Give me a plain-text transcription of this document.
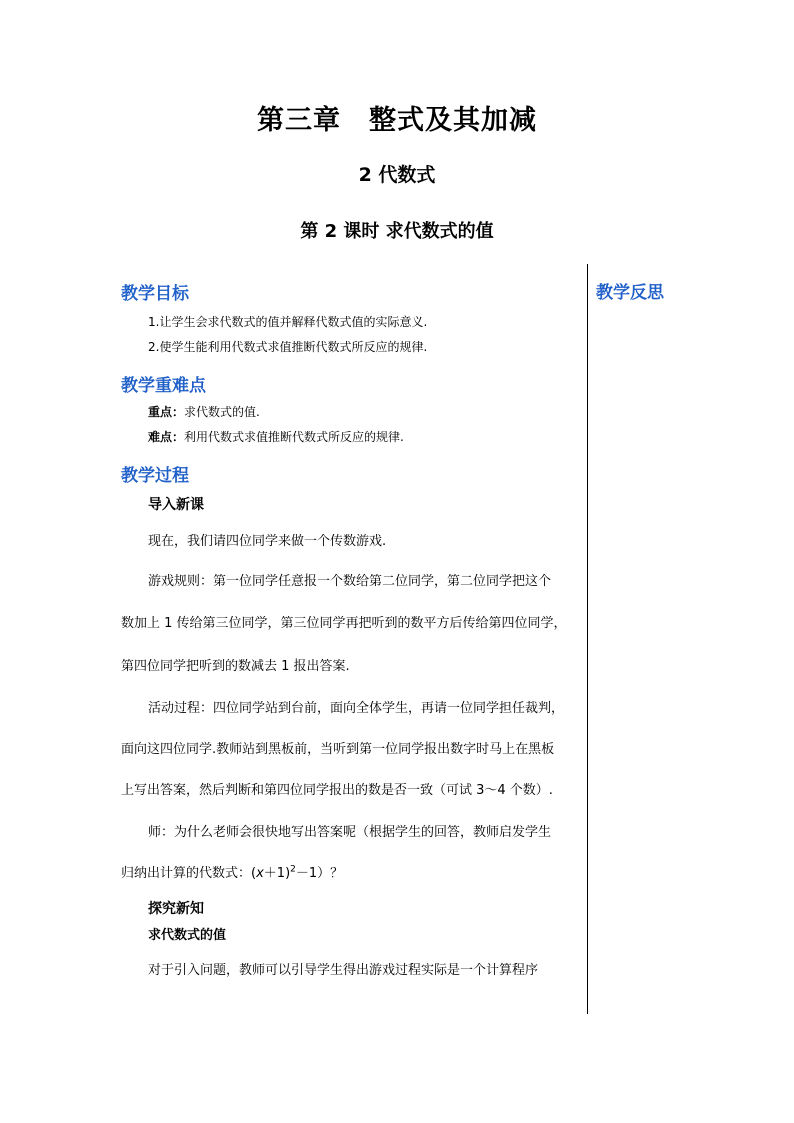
第三章　整式及其加减
2 代数式
第 2 课时 求代数式的值
教学反思
教学目标
1.让学生会求代数式的值并解释代数式值的实际意义.
2.使学生能利用代数式求值推断代数式所反应的规律.
教学重难点
重点：求代数式的值.
难点：利用代数式求值推断代数式所反应的规律.
教学过程
导入新课
现在，我们请四位同学来做一个传数游戏.
游戏规则：第一位同学任意报一个数给第二位同学，第二位同学把这个
数加上 1 传给第三位同学，第三位同学再把听到的数平方后传给第四位同学，
第四位同学把听到的数减去 1 报出答案.
活动过程：四位同学站到台前，面向全体学生，再请一位同学担任裁判，
面向这四位同学.教师站到黑板前，当听到第一位同学报出数字时马上在黑板
上写出答案，然后判断和第四位同学报出的数是否一致（可试 3～4 个数）.
师：为什么老师会很快地写出答案呢（根据学生的回答，教师启发学生
归纳出计算的代数式：$(x+1)^2-1$）？
探究新知
求代数式的值
对于引入问题，教师可以引导学生得出游戏过程实际是一个计算程序
